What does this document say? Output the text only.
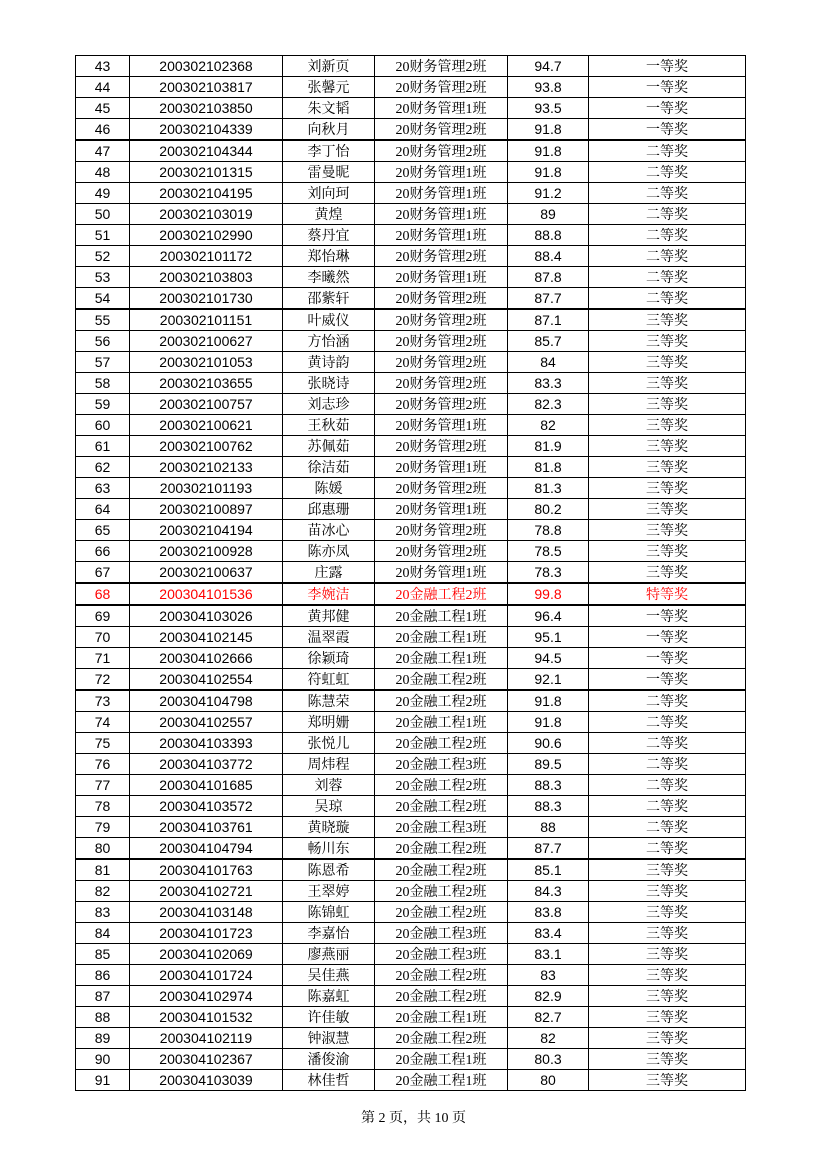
43	200302102368	刘新页	20财务管理2班	94.7	一等奖
44	200302103817	张馨元	20财务管理2班	93.8	一等奖
45	200302103850	朱文韬	20财务管理1班	93.5	一等奖
46	200302104339	向秋月	20财务管理2班	91.8	一等奖
47	200302104344	李丁怡	20财务管理2班	91.8	二等奖
48	200302101315	雷曼昵	20财务管理1班	91.8	二等奖
49	200302104195	刘向珂	20财务管理1班	91.2	二等奖
50	200302103019	黄煌	20财务管理1班	89	二等奖
51	200302102990	蔡丹宜	20财务管理1班	88.8	二等奖
52	200302101172	郑怡琳	20财务管理2班	88.4	二等奖
53	200302103803	李曦然	20财务管理1班	87.8	二等奖
54	200302101730	邵紫轩	20财务管理2班	87.7	二等奖
55	200302101151	叶威仪	20财务管理2班	87.1	三等奖
56	200302100627	方怡涵	20财务管理2班	85.7	三等奖
57	200302101053	黄诗韵	20财务管理2班	84	三等奖
58	200302103655	张晓诗	20财务管理2班	83.3	三等奖
59	200302100757	刘志珍	20财务管理2班	82.3	三等奖
60	200302100621	王秋茹	20财务管理1班	82	三等奖
61	200302100762	苏佩茹	20财务管理2班	81.9	三等奖
62	200302102133	徐洁茹	20财务管理1班	81.8	三等奖
63	200302101193	陈媛	20财务管理2班	81.3	三等奖
64	200302100897	邱惠珊	20财务管理1班	80.2	三等奖
65	200302104194	苗冰心	20财务管理2班	78.8	三等奖
66	200302100928	陈亦凤	20财务管理2班	78.5	三等奖
67	200302100637	庄露	20财务管理1班	78.3	三等奖
68	200304101536	李婉洁	20金融工程2班	99.8	特等奖
69	200304103026	黄邦健	20金融工程1班	96.4	一等奖
70	200304102145	温翠霞	20金融工程1班	95.1	一等奖
71	200304102666	徐颖琦	20金融工程1班	94.5	一等奖
72	200304102554	符虹虹	20金融工程2班	92.1	一等奖
73	200304104798	陈慧荣	20金融工程2班	91.8	二等奖
74	200304102557	郑明姗	20金融工程1班	91.8	二等奖
75	200304103393	张悦儿	20金融工程2班	90.6	二等奖
76	200304103772	周炜程	20金融工程3班	89.5	二等奖
77	200304101685	刘蓉	20金融工程2班	88.3	二等奖
78	200304103572	吴琼	20金融工程2班	88.3	二等奖
79	200304103761	黄晓璇	20金融工程3班	88	二等奖
80	200304104794	畅川东	20金融工程2班	87.7	二等奖
81	200304101763	陈恩希	20金融工程2班	85.1	三等奖
82	200304102721	王翠婷	20金融工程2班	84.3	三等奖
83	200304103148	陈锦虹	20金融工程2班	83.8	三等奖
84	200304101723	李嘉怡	20金融工程3班	83.4	三等奖
85	200304102069	廖燕丽	20金融工程3班	83.1	三等奖
86	200304101724	吴佳燕	20金融工程2班	83	三等奖
87	200304102974	陈嘉虹	20金融工程2班	82.9	三等奖
88	200304101532	许佳敏	20金融工程1班	82.7	三等奖
89	200304102119	钟淑慧	20金融工程2班	82	三等奖
90	200304102367	潘俊渝	20金融工程1班	80.3	三等奖
91	200304103039	林佳哲	20金融工程1班	80	三等奖
第 2 页，共 10 页
